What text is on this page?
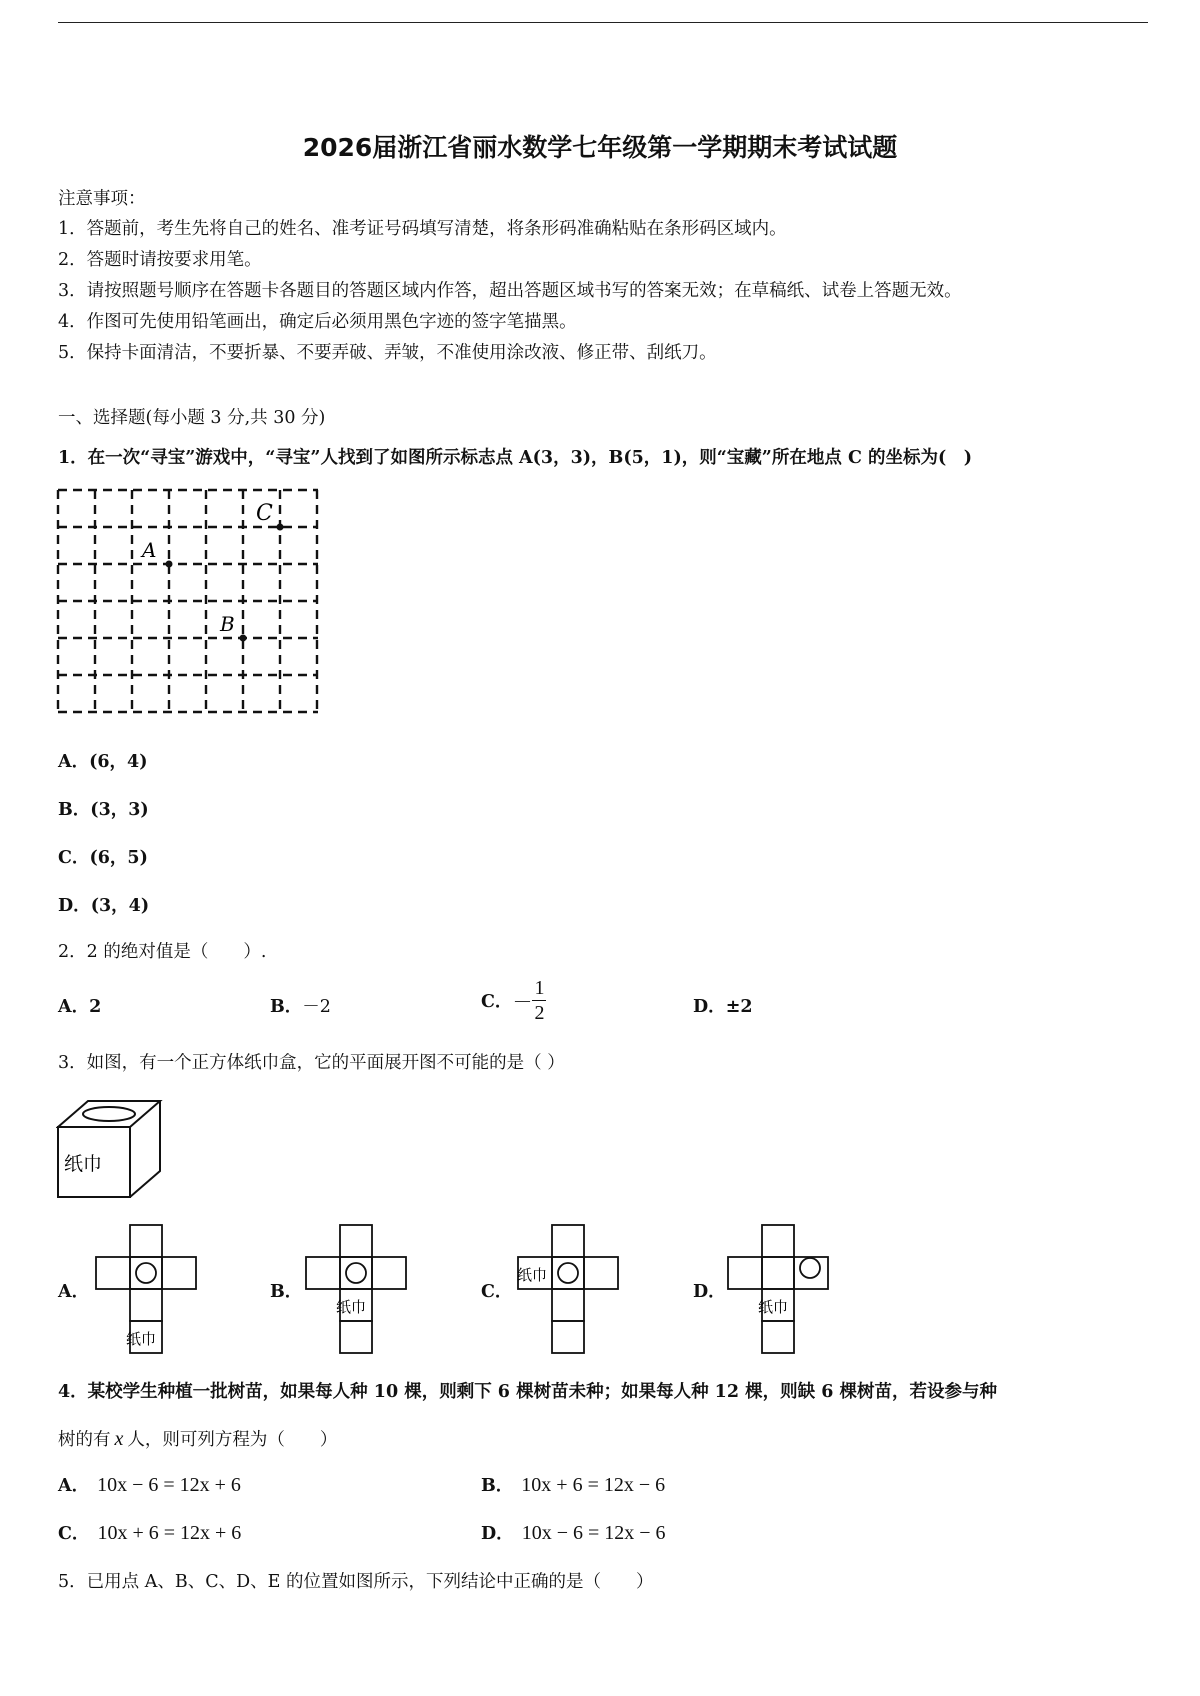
2026届浙江省丽水数学七年级第一学期期末考试试题
注意事项：
1．答题前，考生先将自己的姓名、准考证号码填写清楚，将条形码准确粘贴在条形码区域内。
2．答题时请按要求用笔。
3．请按照题号顺序在答题卡各题目的答题区域内作答，超出答题区域书写的答案无效；在草稿纸、试卷上答题无效。
4．作图可先使用铅笔画出，确定后必须用黑色字迹的签字笔描黑。
5．保持卡面清洁，不要折暴、不要弄破、弄皱，不准使用涂改液、修正带、刮纸刀。
一、选择题(每小题 3 分,共 30 分)
1．在一次“寻宝”游戏中，“寻宝”人找到了如图所示标志点 A(3，3)，B(5，1)，则“宝藏”所在地点 C 的坐标为(　)
A
B
C
A．(6，4)
B．(3，3)
C．(6，5)
D．(3，4)
2．2 的绝对值是（　　）.
A．2	B．－2	C．－ $\frac{1}{2}$	D．±2
3．如图，有一个正方体纸巾盒，它的平面展开图不可能的是（ ）
纸巾
A．
纸巾
B．
纸巾
C．
纸巾
D．
纸巾
4．某校学生种植一批树苗，如果每人种 10 棵，则剩下 6 棵树苗未种；如果每人种 12 棵，则缺 6 棵树苗，若设参与种
树的有 x 人，则可列方程为（　　）
A． 10x − 6 = 12x + 6	B． 10x + 6 = 12x − 6
C． 10x + 6 = 12x + 6	D． 10x − 6 = 12x − 6
5．已用点 A、B、C、D、E 的位置如图所示，下列结论中正确的是（　　）
